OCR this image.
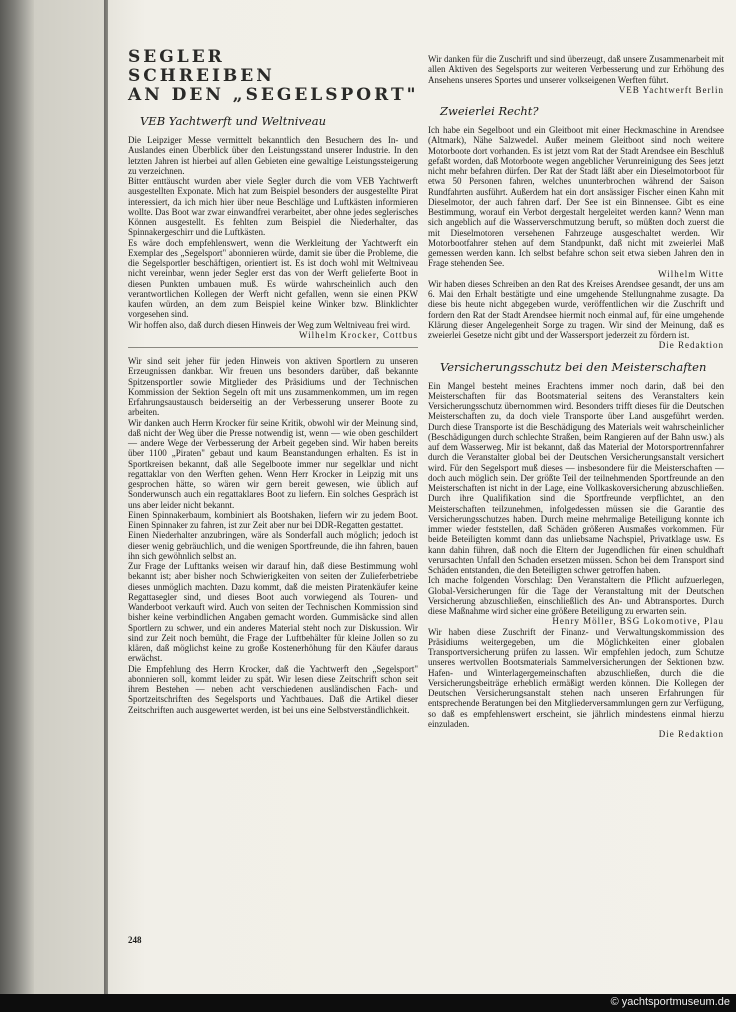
SEGLER
SCHREIBEN
AN DEN „SEGELSPORT"
VEB Yachtwerft und Weltniveau

Die Leipziger Messe vermittelt bekanntlich den Besuchern des In- und Auslandes einen Überblick über den Leistungsstand unserer Industrie. In den letzten Jahren ist hierbei auf allen Gebieten eine gewaltige Leistungssteigerung zu verzeichnen.

Bitter enttäuscht wurden aber viele Segler durch die vom VEB Yachtwerft ausgestellten Exponate. Mich hat zum Beispiel besonders der ausgestellte Pirat interessiert, da ich mich hier über neue Beschläge und Luftkästen informieren wollte. Das Boot war zwar einwandfrei verarbeitet, aber ohne jedes seglerisches Können ausgestellt. Es fehlten zum Beispiel die Niederhalter, das Spinnakergeschirr und die Luftkästen.

Es wäre doch empfehlenswert, wenn die Werkleitung der Yachtwerft ein Exemplar des „Segelsport" abonnieren würde, damit sie über die Probleme, die die Segelsportler beschäftigen, orientiert ist. Es ist doch wohl mit Weltniveau nicht vereinbar, wenn jeder Segler erst das von der Werft gelieferte Boot in diesen Punkten umbauen muß. Es würde wahrscheinlich auch den verantwortlichen Kollegen der Werft nicht gefallen, wenn sie einen PKW kaufen würden, an dem zum Beispiel keine Winker bzw. Blinklichter vorgesehen sind.

Wir hoffen also, daß durch diesen Hinweis der Weg zum Weltniveau frei wird.

Wilhelm Krocker, Cottbus

Wir sind seit jeher für jeden Hinweis von aktiven Sportlern zu unseren Erzeugnissen dankbar. Wir freuen uns besonders darüber, daß bekannte Spitzensportler sowie Mitglieder des Präsidiums und der Technischen Kommission der Sektion Segeln oft mit uns zusammenkommen, um im regen Erfahrungsaustausch beiderseitig an der Verbesserung unserer Boote zu arbeiten.

Wir danken auch Herrn Krocker für seine Kritik, obwohl wir der Meinung sind, daß nicht der Weg über die Presse notwendig ist, wenn — wie oben geschildert — andere Wege der Verbesserung der Arbeit gegeben sind. Wir haben bereits über 1100 „Piraten" gebaut und kaum Beanstandungen erhalten. Es ist in Sportkreisen bekannt, daß alle Segelboote immer nur segelklar und nicht regattaklar von den Werften gehen. Wenn Herr Krocker in Leipzig mit uns gesprochen hätte, so wären wir gern bereit gewesen, wie üblich auf Sonderwunsch auch ein regattaklares Boot zu liefern. Ein solches Gespräch ist uns aber leider nicht bekannt.

Einen Spinnakerbaum, kombiniert als Bootshaken, liefern wir zu jedem Boot. Einen Spinnaker zu fahren, ist zur Zeit aber nur bei DDR-Regatten gestattet.

Einen Niederhalter anzubringen, wäre als Sonderfall auch möglich; jedoch ist dieser wenig gebräuchlich, und die wenigen Sportfreunde, die ihn fahren, bauen ihn sich gewöhnlich selbst an.

Zur Frage der Lufttanks weisen wir darauf hin, daß diese Bestimmung wohl bekannt ist; aber bisher noch Schwierigkeiten von seiten der Zulieferbetriebe dieses unmöglich machten. Dazu kommt, daß die meisten Piratenkäufer keine Regattasegler sind, und dieses Boot auch vorwiegend als Touren- und Wanderboot verkauft wird. Auch von seiten der Technischen Kommission sind bisher keine verbindlichen Angaben gemacht worden. Gummisäcke sind allen Sportlern zu schwer, und ein anderes Material steht noch zur Diskussion. Wir sind zur Zeit noch bemüht, die Frage der Luftbehälter für kleine Jollen so zu klären, daß möglichst keine zu große Kostenerhöhung für den Käufer daraus erwächst.

Die Empfehlung des Herrn Krocker, daß die Yachtwerft den „Segelsport" abonnieren soll, kommt leider zu spät. Wir lesen diese Zeitschrift schon seit ihrem Bestehen — neben acht verschiedenen ausländischen Fach- und Sportzeitschriften des Segelsports und Yachtbaues. Daß die Artikel dieser Zeitschriften auch ausgewertet werden, ist bei uns eine Selbstverständlichkeit.

248

Wir danken für die Zuschrift und sind überzeugt, daß unsere Zusammenarbeit mit allen Aktiven des Segelsports zur weiteren Verbesserung und zur Erhöhung des Ansehens unseres Sportes und unserer volkseigenen Werften führt.

VEB Yachtwerft Berlin

Zweierlei Recht?

Ich habe ein Segelboot und ein Gleitboot mit einer Heckmaschine in Arendsee (Altmark), Nähe Salzwedel. Außer meinem Gleitboot sind noch weitere Motorboote dort vorhanden. Es ist jetzt vom Rat der Stadt Arendsee ein Beschluß gefaßt worden, daß Motorboote wegen angeblicher Verunreinigung des Sees jetzt nicht mehr befahren dürfen. Der Rat der Stadt läßt aber ein Dieselmotorboot für etwa 50 Personen fahren, welches ununterbrochen während der Saison Rundfahrten ausführt. Außerdem hat ein dort ansässiger Fischer einen Kahn mit Dieselmotor, der auch fahren darf. Der See ist ein Binnensee. Gibt es eine Bestimmung, worauf ein Verbot dergestalt hergeleitet werden kann? Wenn man sich angeblich auf die Wasserverschmutzung beruft, so müßten doch zuerst die mit Dieselmotoren versehenen Fahrzeuge ausgeschaltet werden. Wir Motorbootfahrer stehen auf dem Standpunkt, daß nicht mit zweierlei Maß gemessen werden kann. Ich selbst befahre schon seit etwa sieben Jahren den in Frage stehenden See.

Wilhelm Witte

Wir haben dieses Schreiben an den Rat des Kreises Arendsee gesandt, der uns am 6. Mai den Erhalt bestätigte und eine umgehende Stellungnahme zusagte. Da diese bis heute nicht abgegeben wurde, veröffentlichen wir die Zuschrift und fordern den Rat der Stadt Arendsee hiermit noch einmal auf, für eine umgehende Klärung dieser Angelegenheit Sorge zu tragen. Wir sind der Meinung, daß es zweierlei Gesetze nicht gibt und der Wassersport jederzeit zu fördern ist.

Die Redaktion

Versicherungsschutz bei den Meisterschaften

Ein Mangel besteht meines Erachtens immer noch darin, daß bei den Meisterschaften für das Bootsmaterial seitens des Veranstalters kein Versicherungsschutz übernommen wird. Besonders trifft dieses für die Deutschen Meisterschaften zu, da doch viele Transporte über Land ausgeführt werden. Durch diese Transporte ist die Beschädigung des Materials weit wahrscheinlicher (Beschädigungen durch schlechte Straßen, beim Rangieren auf der Bahn usw.) als auf dem Wasserweg. Mir ist bekannt, daß das Material der Motorsportrennfahrer durch die Veranstalter global bei der Deutschen Versicherungsanstalt versichert wird. Für den Segelsport muß dieses — insbesondere für die Meisterschaften — doch auch möglich sein. Der größte Teil der teilnehmenden Sportfreunde an den Meisterschaften ist nicht in der Lage, eine Vollkaskoversicherung abzuschließen. Durch ihre Qualifikation sind die Sportfreunde verpflichtet, an den Meisterschaften teilzunehmen, infolgedessen müssen sie die Garantie des Versicherungsschutzes haben. Durch meine mehrmalige Beteiligung konnte ich immer wieder feststellen, daß Schäden größeren Ausmaßes vorkommen. Für beide Beteiligten kommt dann das unliebsame Nachspiel, Privatklage usw. Es kann dahin führen, daß noch die Eltern der Jugendlichen für einen schuldhaft verursachten Unfall den Schaden ersetzen müssen. Schon bei dem Transport sind Schäden entstanden, die den Beteiligten schwer getroffen haben.

Ich mache folgenden Vorschlag: Den Veranstaltern die Pflicht aufzuerlegen, Global-Versicherungen für die Tage der Veranstaltung mit der Deutschen Versicherung abzuschließen, einschließlich des An- und Abtransportes. Durch diese Maßnahme wird sicher eine größere Beteiligung zu erwarten sein.

Henry Möller, BSG Lokomotive, Plau

Wir haben diese Zuschrift der Finanz- und Verwaltungskommission des Präsidiums weitergegeben, um die Möglichkeiten einer globalen Transportversicherung prüfen zu lassen. Wir empfehlen jedoch, zum Schutze unseres wertvollen Bootsmaterials Sammelversicherungen der Sektionen bzw. Hafen- und Winterlagergemeinschaften abzuschließen, durch die die Versicherungsbeiträge erheblich ermäßigt werden können. Die Kollegen der Deutschen Versicherungsanstalt stehen nach unseren Erfahrungen für entsprechende Beratungen bei den Mitgliederversammlungen gern zur Verfügung, so daß es empfehlenswert erscheint, sie jährlich mindestens einmal hierzu einzuladen.

Die Redaktion

© yachtsportmuseum.de
